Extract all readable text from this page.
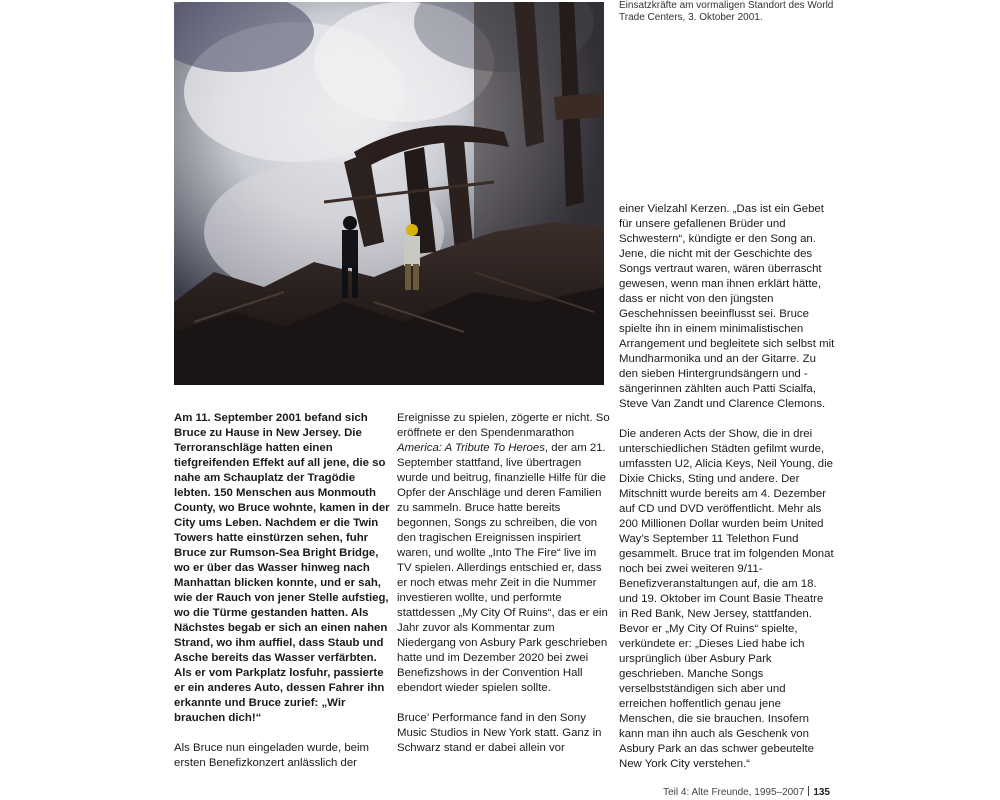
Einsatzkräfte am vormaligen Standort des World Trade Centers, 3. Oktober 2001.

Am 11. September 2001 befand sich Bruce zu Hause in New Jersey. Die Terroranschläge hatten einen tiefgreifenden Effekt auf all jene, die so nahe am Schauplatz der Tragödie lebten. 150 Menschen aus Monmouth County, wo Bruce wohnte, kamen in der City ums Leben. Nachdem er die Twin Towers hatte einstürzen sehen, fuhr Bruce zur Rumson-Sea Bright Bridge, wo er über das Wasser hinweg nach Manhattan blicken konnte, und er sah, wie der Rauch von jener Stelle aufstieg, wo die Türme gestanden hatten. Als Nächstes begab er sich an einen nahen Strand, wo ihm auffiel, dass Staub und Asche bereits das Wasser verfärbten. Als er vom Parkplatz losfuhr, passierte er ein anderes Auto, dessen Fahrer ihn erkannte und Bruce zurief: „Wir brauchen dich!“

Als Bruce nun eingeladen wurde, beim ersten Benefizkonzert anlässlich der

Ereignisse zu spielen, zögerte er nicht. So eröffnete er den Spendenmarathon America: A Tribute To Heroes, der am 21. September stattfand, live übertragen wurde und beitrug, finanzielle Hilfe für die Opfer der Anschläge und deren Familien zu sammeln. Bruce hatte bereits begonnen, Songs zu schreiben, die von den tragischen Ereignissen inspiriert waren, und wollte „Into The Fire“ live im TV spielen. Allerdings entschied er, dass er noch etwas mehr Zeit in die Nummer investieren wollte, und performte stattdessen „My City Of Ruins“, das er ein Jahr zuvor als Kommentar zum Niedergang von Asbury Park geschrieben hatte und im Dezember 2020 bei zwei Benefizshows in der Convention Hall ebendort wieder spielen sollte.

Bruce’ Performance fand in den Sony Music Studios in New York statt. Ganz in Schwarz stand er dabei allein vor

einer Vielzahl Kerzen. „Das ist ein Gebet für unsere gefallenen Brüder und Schwestern“, kündigte er den Song an. Jene, die nicht mit der Geschichte des Songs vertraut waren, wären überrascht gewesen, wenn man ihnen erklärt hätte, dass er nicht von den jüngsten Geschehnissen beeinflusst sei. Bruce spielte ihn in einem minimalistischen Arrangement und begleitete sich selbst mit Mundharmonika und an der Gitarre. Zu den sieben Hintergrundsängern und -sängerinnen zählten auch Patti Scialfa, Steve Van Zandt und Clarence Clemons.

Die anderen Acts der Show, die in drei unterschiedlichen Städten gefilmt wurde, umfassten U2, Alicia Keys, Neil Young, die Dixie Chicks, Sting und andere. Der Mitschnitt wurde bereits am 4. Dezember auf CD und DVD veröffentlicht. Mehr als 200 Millionen Dollar wurden beim United Way’s September 11 Telethon Fund gesammelt. Bruce trat im folgenden Monat noch bei zwei weiteren 9/11-Benefizveranstaltungen auf, die am 18. und 19. Oktober im Count Basie Theatre in Red Bank, New Jersey, stattfanden. Bevor er „My City Of Ruins“ spielte, verkündete er: „Dieses Lied habe ich ursprünglich über Asbury Park geschrieben. Manche Songs verselbstständigen sich aber und erreichen hoffentlich genau jene Menschen, die sie brauchen. Insofern kann man ihn auch als Geschenk von Asbury Park an das schwer gebeutelte New York City verstehen.“

Teil 4: Alte Freunde, 1995–2007 135
